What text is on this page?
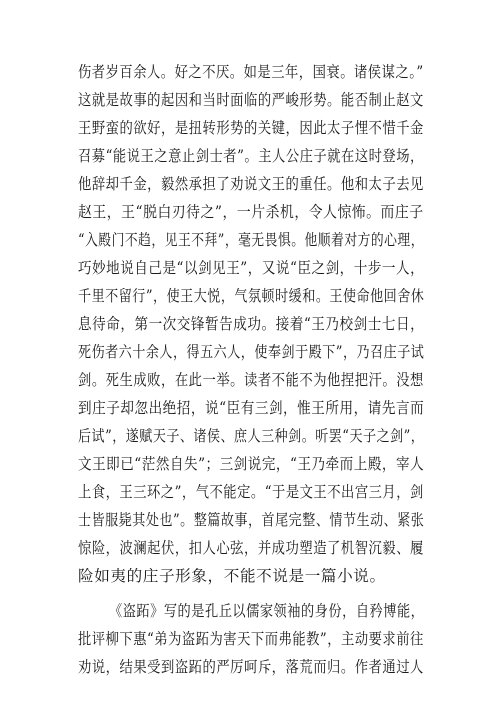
伤者岁百余人。好之不厌。如是三年，国衰。诸侯谋之。”
这就是故事的起因和当时面临的严峻形势。能否制止赵文
王野蛮的欲好，是扭转形势的关键，因此太子悝不惜千金
召募“能说王之意止剑士者”。主人公庄子就在这时登场，
他辞却千金，毅然承担了劝说文王的重任。他和太子去见
赵王，王“脱白刃待之”，一片杀机，令人惊怖。而庄子
“入殿门不趋，见王不拜”，毫无畏惧。他顺着对方的心理，
巧妙地说自己是“以剑见王”，又说“臣之剑，十步一人，
千里不留行”，使王大悦，气氛顿时缓和。王使命他回舍休
息待命，第一次交锋暂告成功。接着“王乃校剑士七日，
死伤者六十余人，得五六人，使奉剑于殿下”，乃召庄子试
剑。死生成败，在此一举。读者不能不为他捏把汗。没想
到庄子却忽出绝招，说“臣有三剑，惟王所用，请先言而
后试”，遂赋天子、诸侯、庶人三种剑。听罢“天子之剑”，
文王即已“茫然自失”；三剑说完，“王乃牵而上殿，宰人
上食，王三环之”，气不能定。“于是文王不出宫三月，剑
士皆服毙其处也”。整篇故事，首尾完整、情节生动、紧张
惊险，波澜起伏，扣人心弦，并成功塑造了机智沉毅、履
险如夷的庄子形象，不能不说是一篇小说。
《盗跖》写的是孔丘以儒家领袖的身份，自矜博能，
批评柳下惠“弟为盗跖为害天下而弗能教”，主动要求前往
劝说，结果受到盗跖的严厉呵斥，落荒而归。作者通过人
